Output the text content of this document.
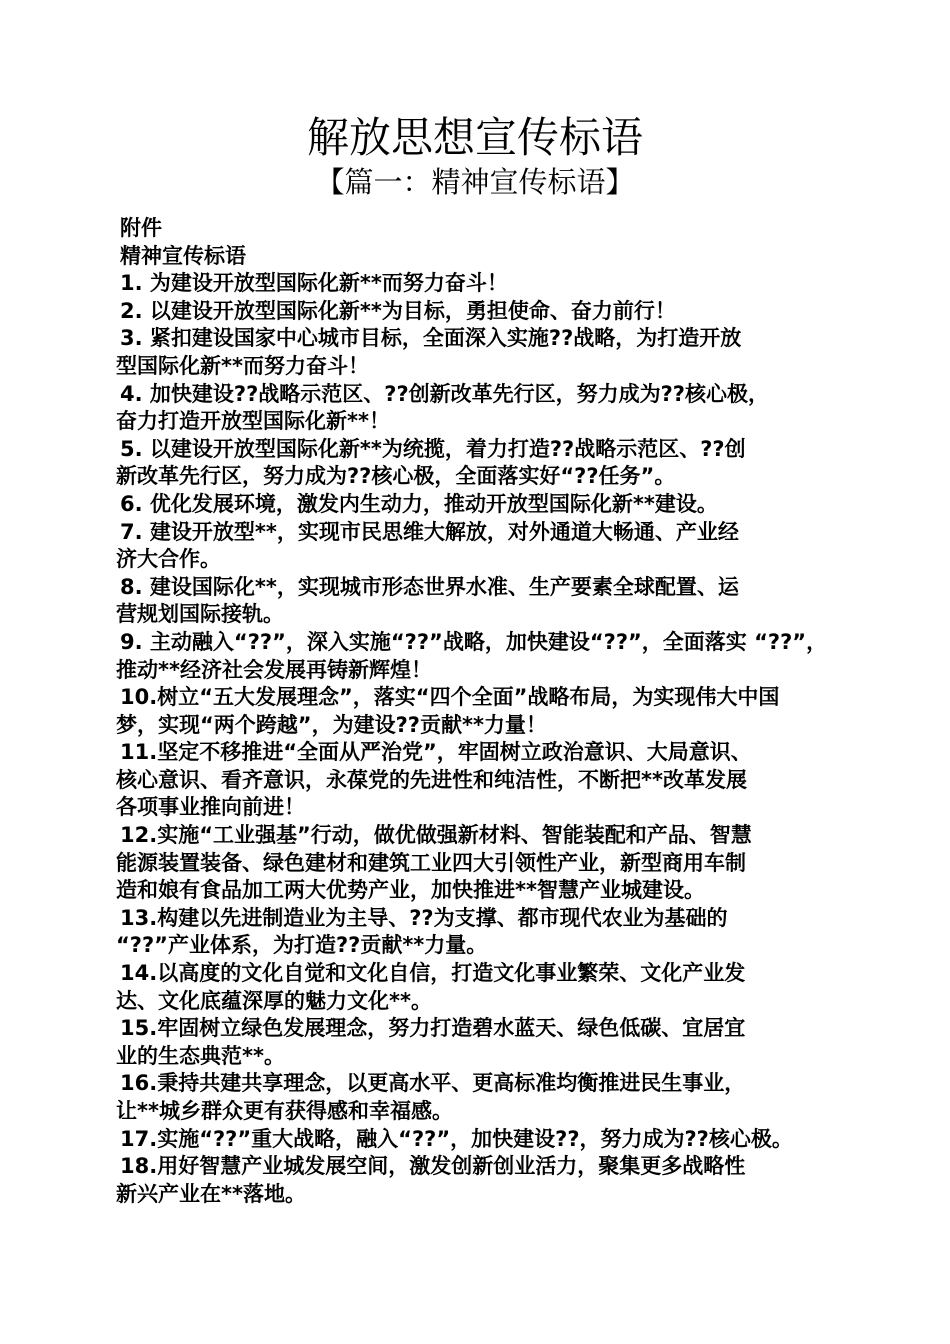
解放思想宣传标语
【篇一：精神宣传标语】
附件
精神宣传标语
1. 为建设开放型国际化新**而努力奋斗！
2. 以建设开放型国际化新**为目标，勇担使命、奋力前行！
3. 紧扣建设国家中心城市目标，全面深入实施??战略，为打造开放
型国际化新**而努力奋斗！
4. 加快建设??战略示范区、??创新改革先行区，努力成为??核心极，
奋力打造开放型国际化新**！
5. 以建设开放型国际化新**为统揽，着力打造??战略示范区、??创
新改革先行区，努力成为??核心极，全面落实好“??任务”。
6. 优化发展环境，激发内生动力，推动开放型国际化新**建设。
7. 建设开放型**，实现市民思维大解放，对外通道大畅通、产业经
济大合作。
8. 建设国际化**，实现城市形态世界水准、生产要素全球配置、运
营规划国际接轨。
9. 主动融入“??”，深入实施“??”战略，加快建设“??”，全面落实 “??”，
推动**经济社会发展再铸新辉煌！
10.树立“五大发展理念”，落实“四个全面”战略布局，为实现伟大中国
梦，实现“两个跨越”，为建设??贡献**力量！
11.坚定不移推进“全面从严治党”，牢固树立政治意识、大局意识、
核心意识、看齐意识，永葆党的先进性和纯洁性，不断把**改革发展
各项事业推向前进！
12.实施“工业强基”行动，做优做强新材料、智能装配和产品、智慧
能源装置装备、绿色建材和建筑工业四大引领性产业，新型商用车制
造和娘有食品加工两大优势产业，加快推进**智慧产业城建设。
13.构建以先进制造业为主导、??为支撑、都市现代农业为基础的
“??”产业体系，为打造??贡献**力量。
14.以高度的文化自觉和文化自信，打造文化事业繁荣、文化产业发
达、文化底蕴深厚的魅力文化**。
15.牢固树立绿色发展理念，努力打造碧水蓝天、绿色低碳、宜居宜
业的生态典范**。
16.秉持共建共享理念，以更高水平、更高标准均衡推进民生事业，
让**城乡群众更有获得感和幸福感。
17.实施“??”重大战略，融入“??”，加快建设??，努力成为??核心极。
18.用好智慧产业城发展空间，激发创新创业活力，聚集更多战略性
新兴产业在**落地。
